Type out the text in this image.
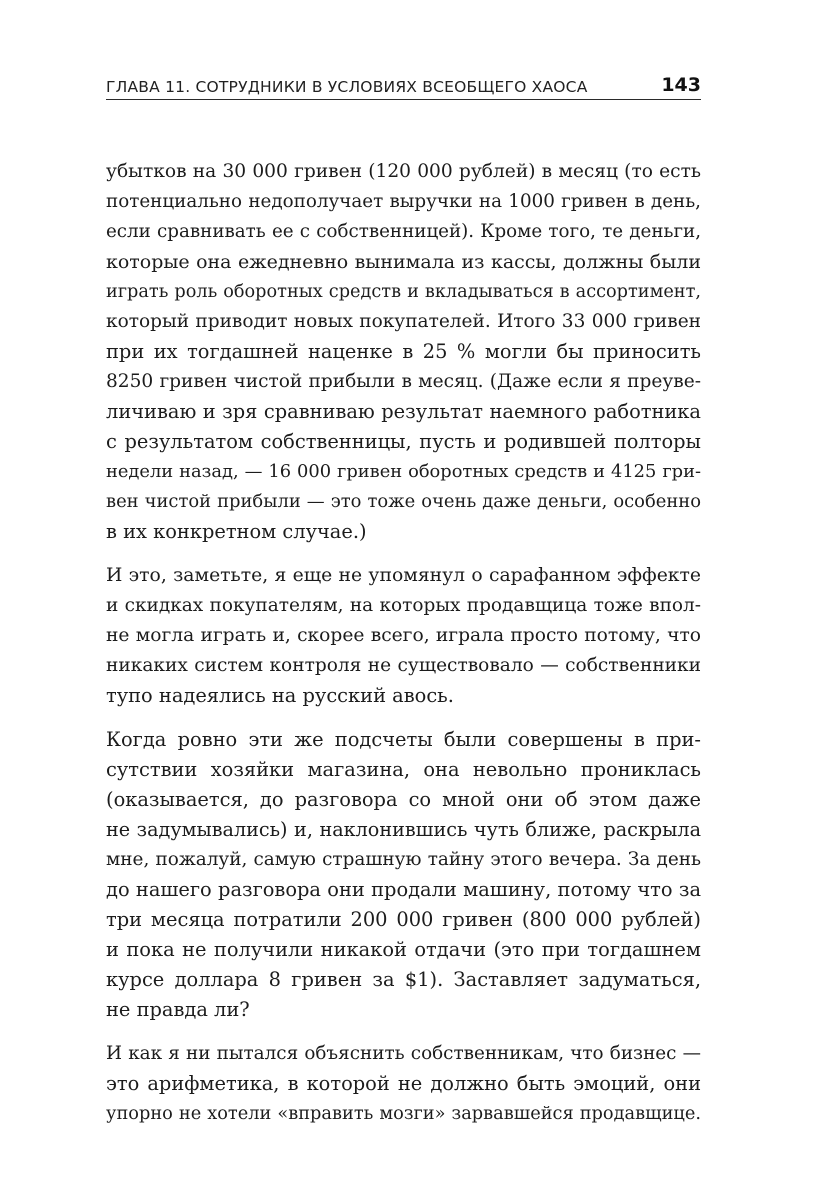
ГЛАВА 11. СОТРУДНИКИ В УСЛОВИЯХ ВСЕОБЩЕГО ХАОСА	143

убытков на 30 000 гривен (120 000 рублей) в месяц (то есть
потенциально недополучает выручки на 1000 гривен в день,
если сравнивать ее с собственницей). Кроме того, те деньги,
которые она ежедневно вынимала из кассы, должны были
играть роль оборотных средств и вкладываться в ассортимент,
который приводит новых покупателей. Итого 33 000 гривен
при их тогдашней наценке в 25 % могли бы приносить
8250 гривен чистой прибыли в месяц. (Даже если я преуве-
личиваю и зря сравниваю результат наемного работника
с результатом собственницы, пусть и родившей полторы
недели назад, — 16 000 гривен оборотных средств и 4125 гри-
вен чистой прибыли — это тоже очень даже деньги, особенно
в их конкретном случае.)

И это, заметьте, я еще не упомянул о сарафанном эффекте
и скидках покупателям, на которых продавщица тоже впол-
не могла играть и, скорее всего, играла просто потому, что
никаких систем контроля не существовало — собственники
тупо надеялись на русский авось.

Когда ровно эти же подсчеты были совершены в при-
сутствии хозяйки магазина, она невольно прониклась
(оказывается, до разговора со мной они об этом даже
не задумывались) и, наклонившись чуть ближе, раскрыла
мне, пожалуй, самую страшную тайну этого вечера. За день
до нашего разговора они продали машину, потому что за
три месяца потратили 200 000 гривен (800 000 рублей)
и пока не получили никакой отдачи (это при тогдашнем
курсе доллара 8 гривен за $1). Заставляет задуматься,
не правда ли?

И как я ни пытался объяснить собственникам, что бизнес —
это арифметика, в которой не должно быть эмоций, они
упорно не хотели «вправить мозги» зарвавшейся продавщице.
